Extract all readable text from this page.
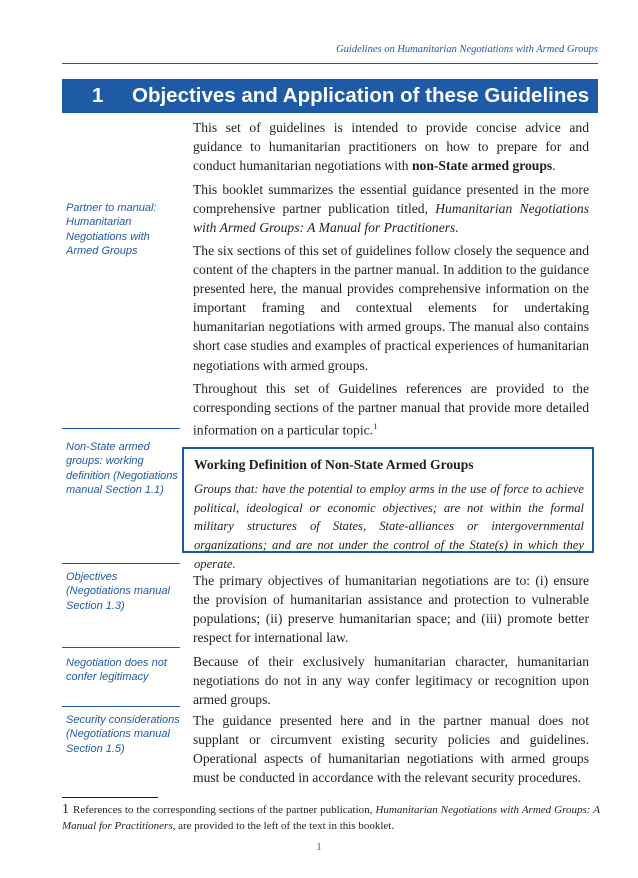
Guidelines on Humanitarian Negotiations with Armed Groups
1	Objectives and Application of these Guidelines
Partner to manual: Humanitarian Negotiations with Armed Groups
Non-State armed groups: working definition (Negotiations manual Section 1.1)
Objectives (Negotiations manual Section 1.3)
Negotiation does not confer legitimacy
Security considerations (Negotiations manual Section 1.5)

This set of guidelines is intended to provide concise advice and guidance to humanitarian practitioners on how to prepare for and conduct humanitarian negotiations with non-State armed groups.

This booklet summarizes the essential guidance presented in the more comprehensive partner publication titled, Humanitarian Negotiations with Armed Groups: A Manual for Practitioners.

The six sections of this set of guidelines follow closely the sequence and content of the chapters in the partner manual. In addition to the guidance presented here, the manual provides comprehensive information on the important framing and contextual elements for undertaking humanitarian negotiations with armed groups. The manual also contains short case studies and examples of practical experiences of humanitarian negotiations with armed groups.

Throughout this set of Guidelines references are provided to the corresponding sections of the partner manual that provide more detailed information on a particular topic.$^1$

Working Definition of Non-State Armed Groups

Groups that: have the potential to employ arms in the use of force to achieve political, ideological or economic objectives; are not within the formal military structures of States, State-alliances or intergovernmental organizations; and are not under the control of the State(s) in which they operate.

The primary objectives of humanitarian negotiations are to: (i) ensure the provision of humanitarian assistance and protection to vulnerable populations; (ii) preserve humanitarian space; and (iii) promote better respect for international law.

Because of their exclusively humanitarian character, humanitarian negotiations do not in any way confer legitimacy or recognition upon armed groups.

The guidance presented here and in the partner manual does not supplant or circumvent existing security policies and guidelines. Operational aspects of humanitarian negotiations with armed groups must be conducted in accordance with the relevant security procedures.

1 References to the corresponding sections of the partner publication, Humanitarian Negotiations with Armed Groups: A Manual for Practitioners, are provided to the left of the text in this booklet.

1
